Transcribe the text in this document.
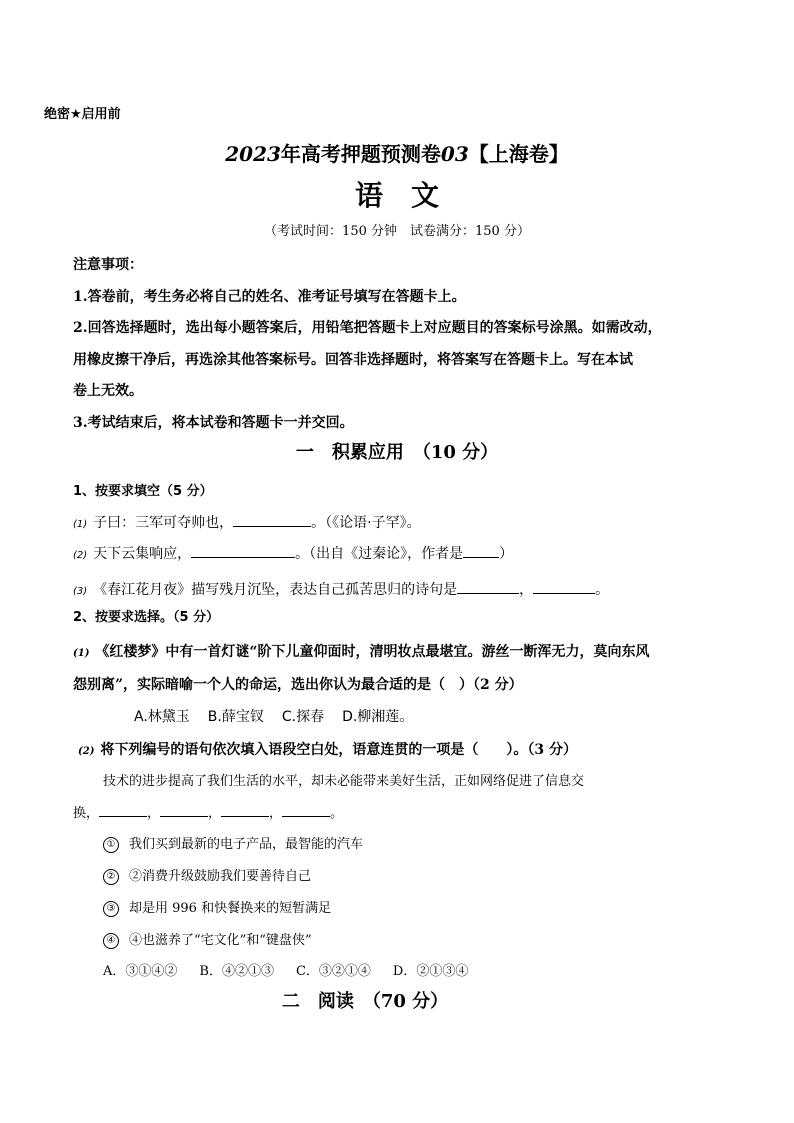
绝密★启用前
2023年高考押题预测卷03【上海卷】
语　文
（考试时间：150 分钟　试卷满分：150 分）
注意事项：
1.答卷前，考生务必将自己的姓名、准考证号填写在答题卡上。
2.回答选择题时，选出每小题答案后，用铅笔把答题卡上对应题目的答案标号涂黑。如需改动，
用橡皮擦干净后，再选涂其他答案标号。回答非选择题时，将答案写在答题卡上。写在本试
卷上无效。
3.考试结束后，将本试卷和答题卡一并交回。
一　积累应用　（10 分）
1、按要求填空（5 分）
(1) 子曰：三军可夺帅也，	。（《论语·子罕》。
(2) 天下云集响应，	。（出自《过秦论》，作者是	）
(3) 《春江花月夜》描写残月沉坠，表达自己孤苦思归的诗句是	，	。
2、按要求选择。（5 分）
(1) 《红楼梦》中有一首灯谜“阶下儿童仰面时，清明妆点最堪宜。游丝一断浑无力，莫向东风
怨别离”，实际暗喻一个人的命运，选出你认为最合适的是（　）（2 分）
A.林黛玉 B.薛宝钗 C.探春 D.柳湘莲。
(2) 将下列编号的语句依次填入语段空白处，语意连贯的一项是（　　）。（3 分）
技术的进步提高了我们生活的水平，却未必能带来美好生活，正如网络促进了信息交
换，	，	，	，	。
① 我们买到最新的电子产品，最智能的汽车
② ②消费升级鼓励我们要善待自己
③ 却是用 996 和快餐换来的短暂满足
④ ④也滋养了“宅文化”和“键盘侠”
A．③①④② B．④②①③ C．③②①④ D．②①③④
二　阅读　（70 分）
